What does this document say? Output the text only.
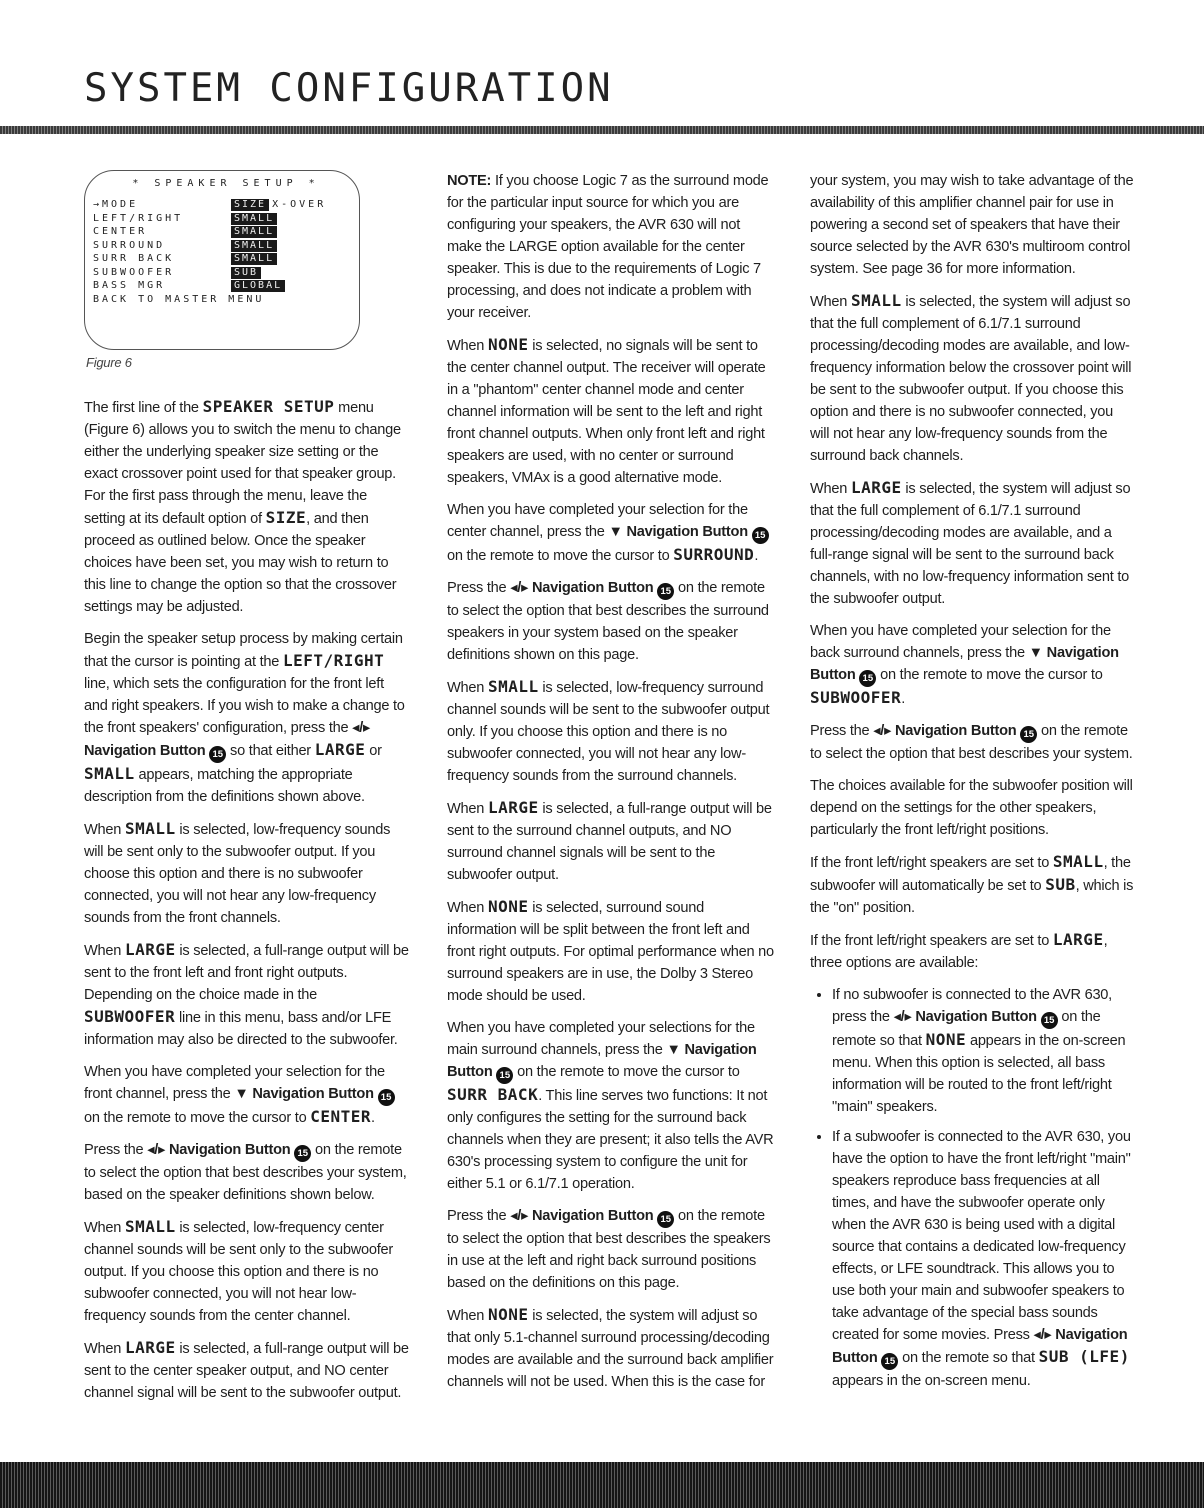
SYSTEM CONFIGURATION
* SPEAKER SETUP *
→MODE	SIZE X-OVER
LEFT/RIGHT	SMALL
CENTER	SMALL
SURROUND	SMALL
SURR BACK	SMALL
SUBWOOFER	SUB
BASS MGR	GLOBAL
BACK TO MASTER MENU
Figure 6

The first line of the SPEAKER SETUP menu (Figure 6) allows you to switch the menu to change either the underlying speaker size setting or the exact crossover point used for that speaker group. For the first pass through the menu, leave the setting at its default option of SIZE, and then proceed as outlined below. Once the speaker choices have been set, you may wish to return to this line to change the option so that the crossover settings may be adjusted.

Begin the speaker setup process by making certain that the cursor is pointing at the LEFT/RIGHT line, which sets the configuration for the front left and right speakers. If you wish to make a change to the front speakers' configuration, press the ◂/▸ Navigation Button 15 so that either LARGE or SMALL appears, matching the appropriate description from the definitions shown above.

When SMALL is selected, low-frequency sounds will be sent only to the subwoofer output. If you choose this option and there is no subwoofer connected, you will not hear any low-frequency sounds from the front channels.

When LARGE is selected, a full-range output will be sent to the front left and front right outputs. Depending on the choice made in the SUBWOOFER line in this menu, bass and/or LFE information may also be directed to the subwoofer.

When you have completed your selection for the front channel, press the ▼ Navigation Button 15 on the remote to move the cursor to CENTER.

Press the ◂/▸ Navigation Button 15 on the remote to select the option that best describes your system, based on the speaker definitions shown below.

When SMALL is selected, low-frequency center channel sounds will be sent only to the subwoofer output. If you choose this option and there is no subwoofer connected, you will not hear low-frequency sounds from the center channel.

When LARGE is selected, a full-range output will be sent to the center speaker output, and NO center channel signal will be sent to the subwoofer output.

NOTE: If you choose Logic 7 as the surround mode for the particular input source for which you are configuring your speakers, the AVR 630 will not make the LARGE option available for the center speaker. This is due to the requirements of Logic 7 processing, and does not indicate a problem with your receiver.

When NONE is selected, no signals will be sent to the center channel output. The receiver will operate in a "phantom" center channel mode and center channel information will be sent to the left and right front channel outputs. When only front left and right speakers are used, with no center or surround speakers, VMAx is a good alternative mode.

When you have completed your selection for the center channel, press the ▼ Navigation Button 15 on the remote to move the cursor to SURROUND.

Press the ◂/▸ Navigation Button 15 on the remote to select the option that best describes the surround speakers in your system based on the speaker definitions shown on this page.

When SMALL is selected, low-frequency surround channel sounds will be sent to the subwoofer output only. If you choose this option and there is no subwoofer connected, you will not hear any low-frequency sounds from the surround channels.

When LARGE is selected, a full-range output will be sent to the surround channel outputs, and NO surround channel signals will be sent to the subwoofer output.

When NONE is selected, surround sound information will be split between the front left and front right outputs. For optimal performance when no surround speakers are in use, the Dolby 3 Stereo mode should be used.

When you have completed your selections for the main surround channels, press the ▼ Navigation Button 15 on the remote to move the cursor to SURR BACK. This line serves two functions: It not only configures the setting for the surround back channels when they are present; it also tells the AVR 630's processing system to configure the unit for either 5.1 or 6.1/7.1 operation.

Press the ◂/▸ Navigation Button 15 on the remote to select the option that best describes the speakers in use at the left and right back surround positions based on the definitions on this page.

When NONE is selected, the system will adjust so that only 5.1-channel surround processing/decoding modes are available and the surround back amplifier channels will not be used. When this is the case for

your system, you may wish to take advantage of the availability of this amplifier channel pair for use in powering a second set of speakers that have their source selected by the AVR 630's multiroom control system. See page 36 for more information.

When SMALL is selected, the system will adjust so that the full complement of 6.1/7.1 surround processing/decoding modes are available, and low-frequency information below the crossover point will be sent to the subwoofer output. If you choose this option and there is no subwoofer connected, you will not hear any low-frequency sounds from the surround back channels.

When LARGE is selected, the system will adjust so that the full complement of 6.1/7.1 surround processing/decoding modes are available, and a full-range signal will be sent to the surround back channels, with no low-frequency information sent to the subwoofer output.

When you have completed your selection for the back surround channels, press the ▼ Navigation Button 15 on the remote to move the cursor to SUBWOOFER.

Press the ◂/▸ Navigation Button 15 on the remote to select the option that best describes your system.

The choices available for the subwoofer position will depend on the settings for the other speakers, particularly the front left/right positions.

If the front left/right speakers are set to SMALL, the subwoofer will automatically be set to SUB, which is the "on" position.

If the front left/right speakers are set to LARGE, three options are available:

• If no subwoofer is connected to the AVR 630, press the ◂/▸ Navigation Button 15 on the remote so that NONE appears in the on-screen menu. When this option is selected, all bass information will be routed to the front left/right "main" speakers.
• If a subwoofer is connected to the AVR 630, you have the option to have the front left/right "main" speakers reproduce bass frequencies at all times, and have the subwoofer operate only when the AVR 630 is being used with a digital source that contains a dedicated low-frequency effects, or LFE soundtrack. This allows you to use both your main and subwoofer speakers to take advantage of the special bass sounds created for some movies. Press ◂/▸ Navigation Button 15 on the remote so that SUB (LFE) appears in the on-screen menu.
